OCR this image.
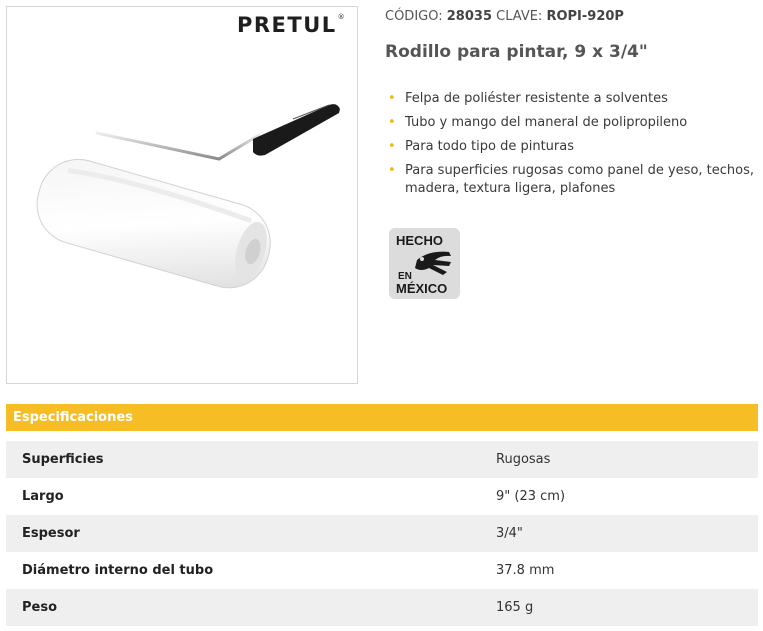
PRETUL®	CÓDIGO: 28035 CLAVE: ROPI-920P
Rodillo para pintar, 9 x 3/4"
• Felpa de poliéster resistente a solventes
• Tubo y mango del maneral de polipropileno
• Para todo tipo de pinturas
• Para superficies rugosas como panel de yeso, techos, madera, textura ligera, plafones
HECHO
EN
MÉXICO
Especificaciones
Superficies	Rugosas
Largo	9" (23 cm)
Espesor	3/4"
Diámetro interno del tubo	37.8 mm
Peso	165 g
